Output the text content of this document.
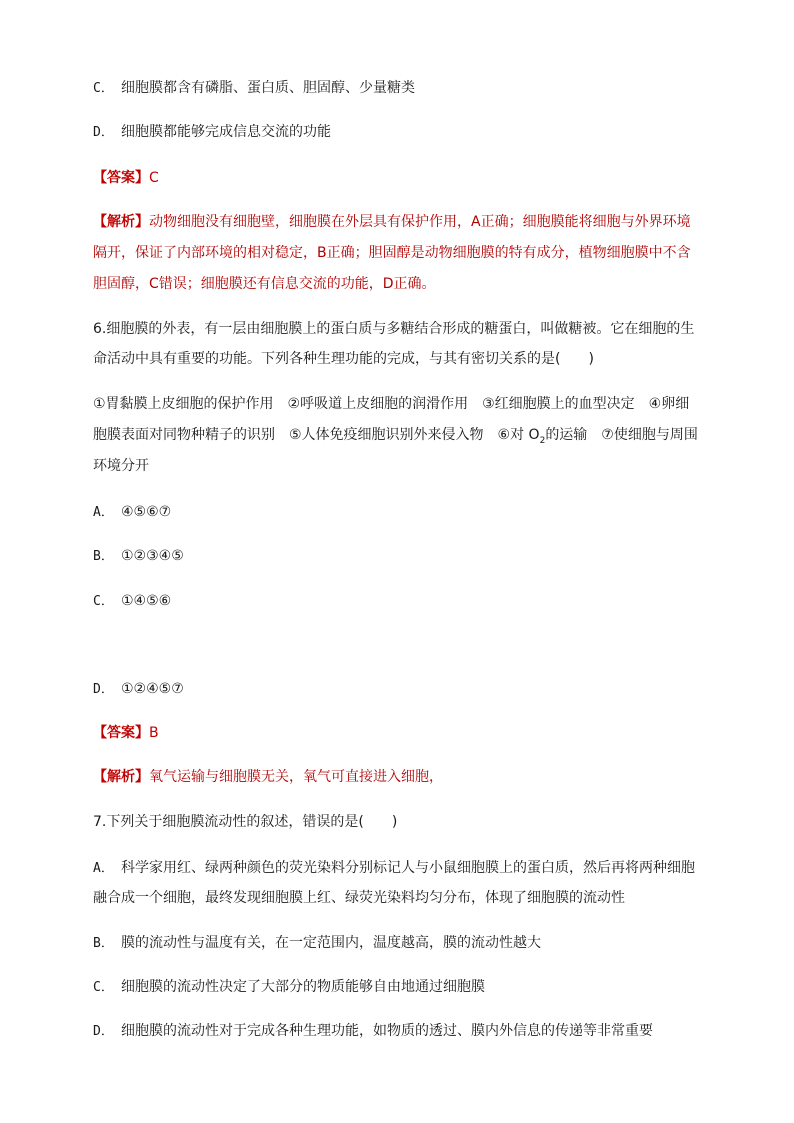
C． 细胞膜都含有磷脂、蛋白质、胆固醇、少量糖类
D． 细胞膜都能够完成信息交流的功能
【答案】C
【解析】动物细胞没有细胞壁，细胞膜在外层具有保护作用，A正确；细胞膜能将细胞与外界环境
隔开，保证了内部环境的相对稳定，B正确；胆固醇是动物细胞膜的特有成分，植物细胞膜中不含
胆固醇，C错误；细胞膜还有信息交流的功能，D正确。
6.细胞膜的外表，有一层由细胞膜上的蛋白质与多糖结合形成的糖蛋白，叫做糖被。它在细胞的生
命活动中具有重要的功能。下列各种生理功能的完成，与其有密切关系的是(　　)
①胃黏膜上皮细胞的保护作用　②呼吸道上皮细胞的润滑作用　③红细胞膜上的血型决定　④卵细
胞膜表面对同物种精子的识别　⑤人体免疫细胞识别外来侵入物　⑥对 $O_2$的运输　⑦使细胞与周围
环境分开
A． ④⑤⑥⑦
B． ①②③④⑤
C． ①④⑤⑥
D． ①②④⑤⑦
【答案】B
【解析】氧气运输与细胞膜无关，氧气可直接进入细胞，
7.下列关于细胞膜流动性的叙述，错误的是(　　)
A． 科学家用红、绿两种颜色的荧光染料分别标记人与小鼠细胞膜上的蛋白质，然后再将两种细胞
融合成一个细胞，最终发现细胞膜上红、绿荧光染料均匀分布，体现了细胞膜的流动性
B． 膜的流动性与温度有关，在一定范围内，温度越高，膜的流动性越大
C． 细胞膜的流动性决定了大部分的物质能够自由地通过细胞膜
D． 细胞膜的流动性对于完成各种生理功能，如物质的透过、膜内外信息的传递等非常重要
